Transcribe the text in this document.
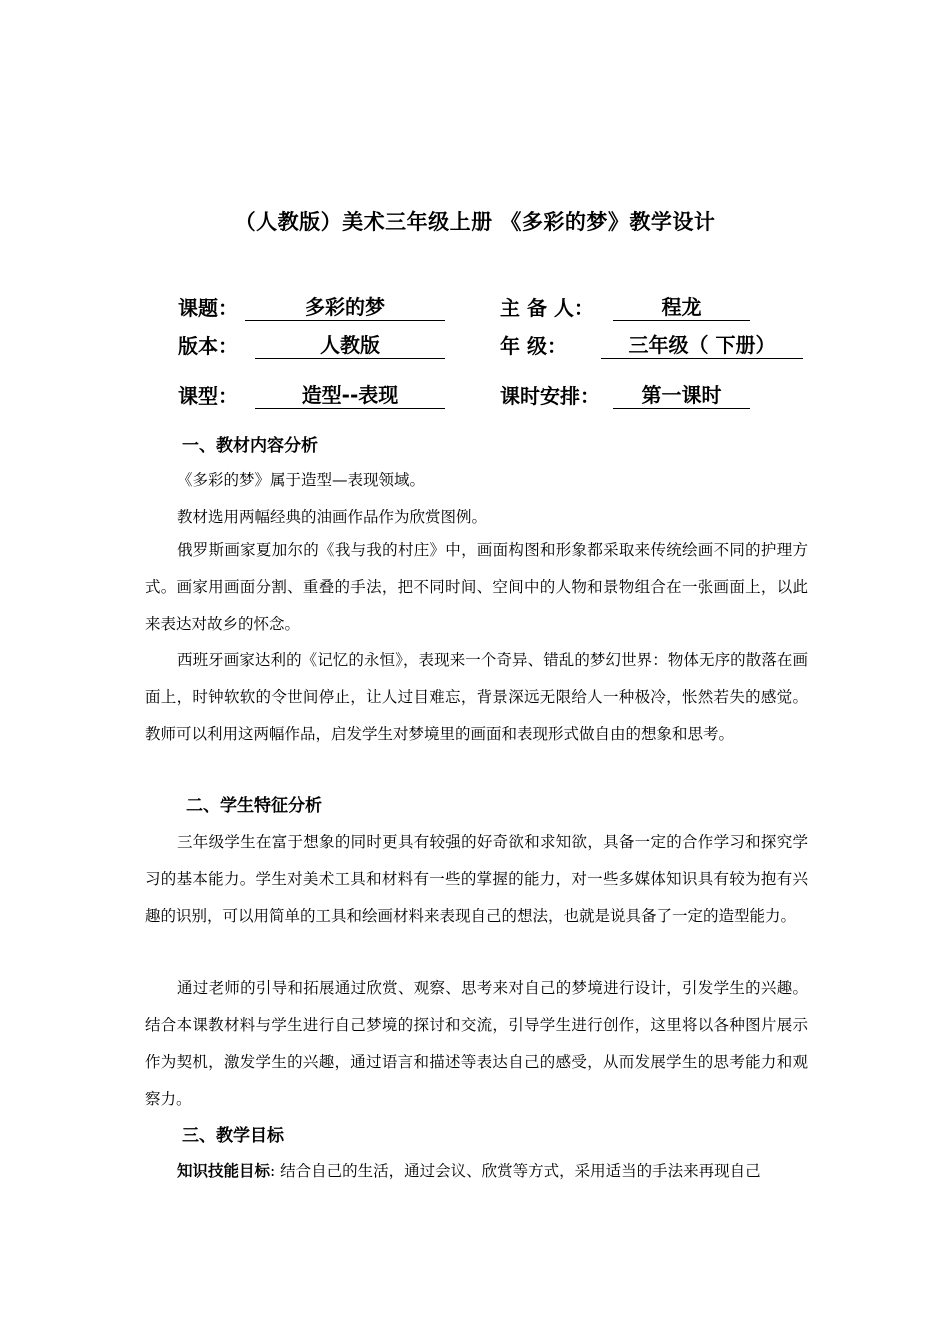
（人教版）美术三年级上册 《多彩的梦》教学设计
课题：	多彩的梦	主 备 人：	程龙
版本：	人教版	年 级：	三年级（ 下册）
课型：	造型--表现	课时安排：	第一课时
一、教材内容分析
《多彩的梦》属于造型—表现领域。
教材选用两幅经典的油画作品作为欣赏图例。
俄罗斯画家夏加尔的《我与我的村庄》中，画面构图和形象都采取来传统绘画不同的护理方式。画家用画面分割、重叠的手法，把不同时间、空间中的人物和景物组合在一张画面上，以此来表达对故乡的怀念。
西班牙画家达利的《记忆的永恒》，表现来一个奇异、错乱的梦幻世界：物体无序的散落在画面上，时钟软软的令世间停止，让人过目难忘，背景深远无限给人一种极冷，怅然若失的感觉。教师可以利用这两幅作品，启发学生对梦境里的画面和表现形式做自由的想象和思考。
二、学生特征分析
三年级学生在富于想象的同时更具有较强的好奇欲和求知欲，具备一定的合作学习和探究学习的基本能力。学生对美术工具和材料有一些的掌握的能力，对一些多媒体知识具有较为抱有兴趣的识别，可以用简单的工具和绘画材料来表现自己的想法，也就是说具备了一定的造型能力。
通过老师的引导和拓展通过欣赏、观察、思考来对自己的梦境进行设计，引发学生的兴趣。结合本课教材料与学生进行自己梦境的探讨和交流，引导学生进行创作，这里将以各种图片展示作为契机，激发学生的兴趣，通过语言和描述等表达自己的感受，从而发展学生的思考能力和观察力。
三、教学目标
知识技能目标: 结合自己的生活，通过会议、欣赏等方式，采用适当的手法来再现自己
